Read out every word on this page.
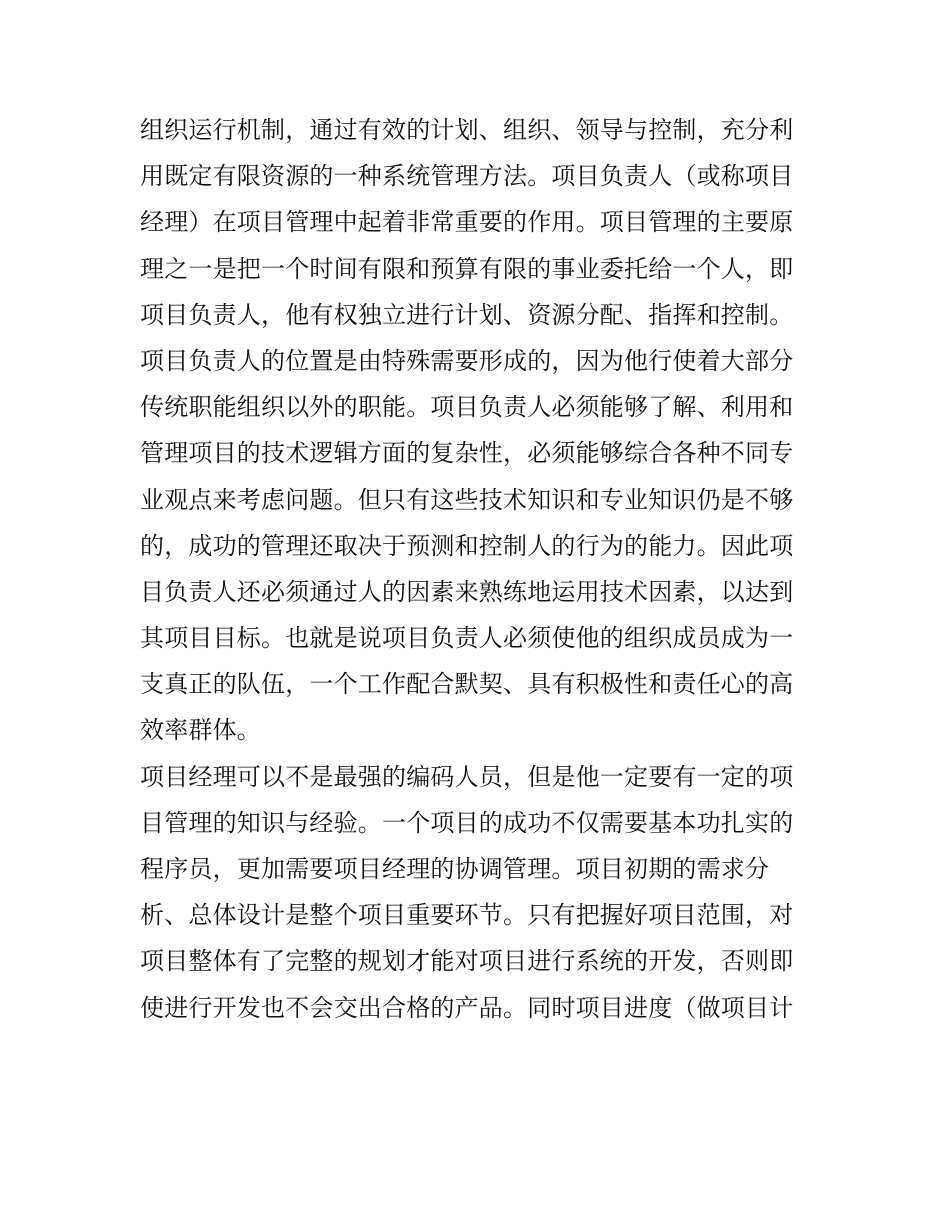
组织运行机制，通过有效的计划、组织、领导与控制，充分利
用既定有限资源的一种系统管理方法。项目负责人（或称项目
经理）在项目管理中起着非常重要的作用。项目管理的主要原
理之一是把一个时间有限和预算有限的事业委托给一个人，即
项目负责人，他有权独立进行计划、资源分配、指挥和控制。
项目负责人的位置是由特殊需要形成的，因为他行使着大部分
传统职能组织以外的职能。项目负责人必须能够了解、利用和
管理项目的技术逻辑方面的复杂性，必须能够综合各种不同专
业观点来考虑问题。但只有这些技术知识和专业知识仍是不够
的，成功的管理还取决于预测和控制人的行为的能力。因此项
目负责人还必须通过人的因素来熟练地运用技术因素，以达到
其项目目标。也就是说项目负责人必须使他的组织成员成为一
支真正的队伍，一个工作配合默契、具有积极性和责任心的高
效率群体。
项目经理可以不是最强的编码人员，但是他一定要有一定的项
目管理的知识与经验。一个项目的成功不仅需要基本功扎实的
程序员，更加需要项目经理的协调管理。项目初期的需求分
析、总体设计是整个项目重要环节。只有把握好项目范围，对
项目整体有了完整的规划才能对项目进行系统的开发，否则即
使进行开发也不会交出合格的产品。同时项目进度（做项目计
